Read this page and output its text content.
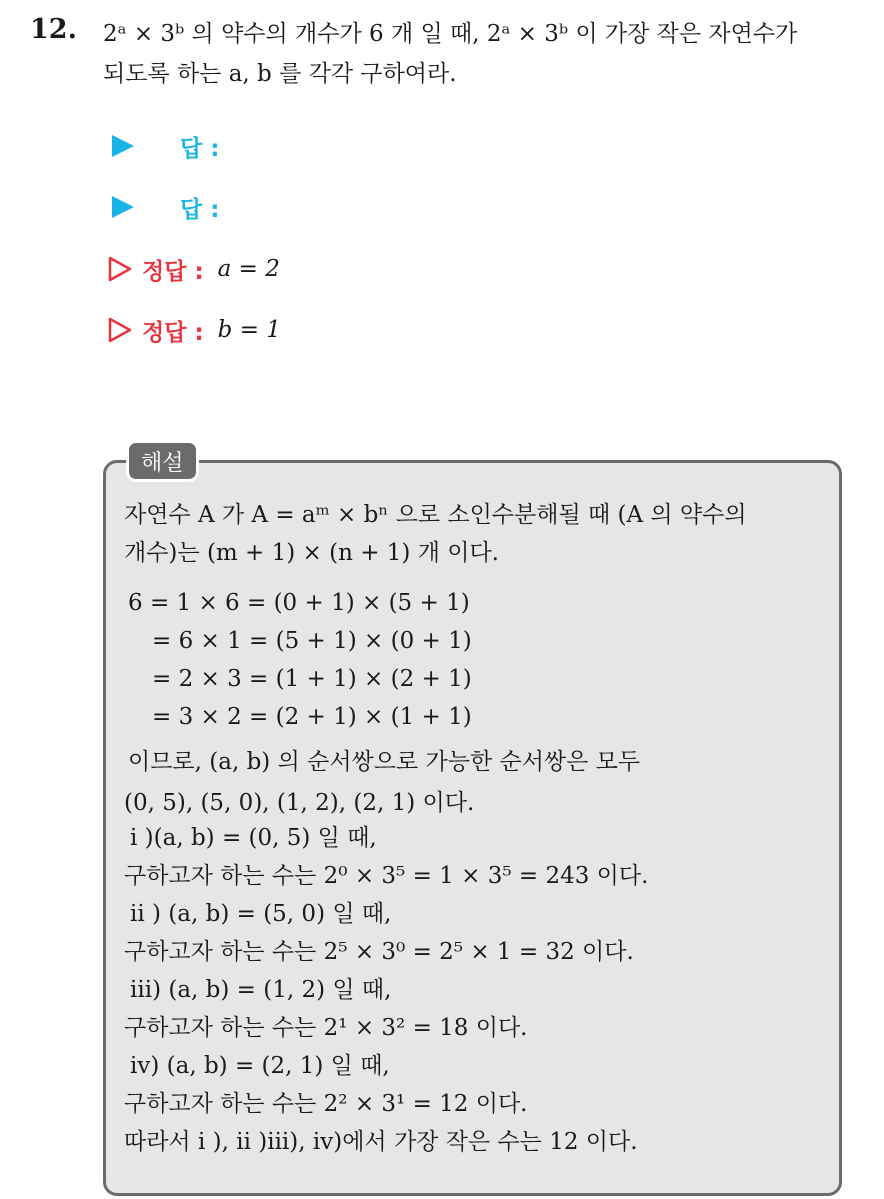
12. 2ᵃ × 3ᵇ 의 약수의 개수가 6 개 일 때, 2ᵃ × 3ᵇ 이 가장 작은 자연수가
되도록 하는 a, b 를 각각 구하여라.
답 :
답 :
정답 : a = 2
정답 : b = 1
해설
자연수 A 가 A = aᵐ × bⁿ 으로 소인수분해될 때 (A 의 약수의
개수)는 (m + 1) × (n + 1) 개 이다.
6 = 1 × 6 = (0 + 1) × (5 + 1)
= 6 × 1 = (5 + 1) × (0 + 1)
= 2 × 3 = (1 + 1) × (2 + 1)
= 3 × 2 = (2 + 1) × (1 + 1)
이므로, (a, b) 의 순서쌍으로 가능한 순서쌍은 모두
(0, 5), (5, 0), (1, 2), (2, 1) 이다.
i )(a, b) = (0, 5) 일 때,
구하고자 하는 수는 2⁰ × 3⁵ = 1 × 3⁵ = 243 이다.
ii ) (a, b) = (5, 0) 일 때,
구하고자 하는 수는 2⁵ × 3⁰ = 2⁵ × 1 = 32 이다.
iii) (a, b) = (1, 2) 일 때,
구하고자 하는 수는 2¹ × 3² = 18 이다.
iv) (a, b) = (2, 1) 일 때,
구하고자 하는 수는 2² × 3¹ = 12 이다.
따라서 i ), ii )iii), iv)에서 가장 작은 수는 12 이다.
